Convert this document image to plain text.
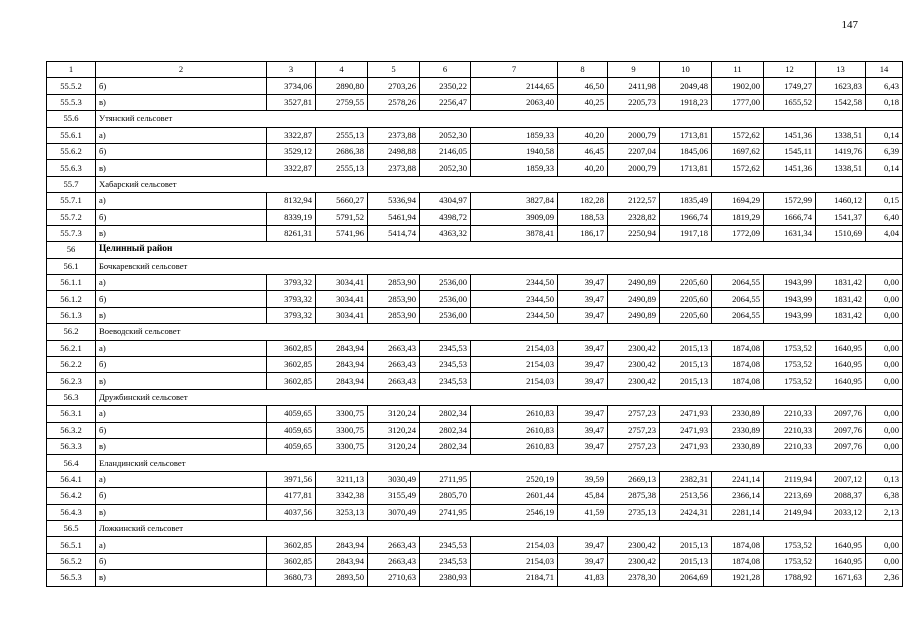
147
1	2	3	4	5	6	7	8	9	10	11	12	13	14
55.5.2	б)	3734,06	2890,80	2703,26	2350,22	2144,65	46,50	2411,98	2049,48	1902,00	1749,27	1623,83	6,43
55.5.3	в)	3527,81	2759,55	2578,26	2256,47	2063,40	40,25	2205,73	1918,23	1777,00	1655,52	1542,58	0,18
55.6	Утянский сельсовет												
55.6.1	а)	3322,87	2555,13	2373,88	2052,30	1859,33	40,20	2000,79	1713,81	1572,62	1451,36	1338,51	0,14
55.6.2	б)	3529,12	2686,38	2498,88	2146,05	1940,58	46,45	2207,04	1845,06	1697,62	1545,11	1419,76	6,39
55.6.3	в)	3322,87	2555,13	2373,88	2052,30	1859,33	40,20	2000,79	1713,81	1572,62	1451,36	1338,51	0,14
55.7	Хабарский сельсовет												
55.7.1	а)	8132,94	5660,27	5336,94	4304,97	3827,84	182,28	2122,57	1835,49	1694,29	1572,99	1460,12	0,15
55.7.2	б)	8339,19	5791,52	5461,94	4398,72	3909,09	188,53	2328,82	1966,74	1819,29	1666,74	1541,37	6,40
55.7.3	в)	8261,31	5741,96	5414,74	4363,32	3878,41	186,17	2250,94	1917,18	1772,09	1631,34	1510,69	4,04
56	Целинный район												
56.1	Бочкаревский сельсовет												
56.1.1	а)	3793,32	3034,41	2853,90	2536,00	2344,50	39,47	2490,89	2205,60	2064,55	1943,99	1831,42	0,00
56.1.2	б)	3793,32	3034,41	2853,90	2536,00	2344,50	39,47	2490,89	2205,60	2064,55	1943,99	1831,42	0,00
56.1.3	в)	3793,32	3034,41	2853,90	2536,00	2344,50	39,47	2490,89	2205,60	2064,55	1943,99	1831,42	0,00
56.2	Воеводский сельсовет												
56.2.1	а)	3602,85	2843,94	2663,43	2345,53	2154,03	39,47	2300,42	2015,13	1874,08	1753,52	1640,95	0,00
56.2.2	б)	3602,85	2843,94	2663,43	2345,53	2154,03	39,47	2300,42	2015,13	1874,08	1753,52	1640,95	0,00
56.2.3	в)	3602,85	2843,94	2663,43	2345,53	2154,03	39,47	2300,42	2015,13	1874,08	1753,52	1640,95	0,00
56.3	Дружбинский сельсовет												
56.3.1	а)	4059,65	3300,75	3120,24	2802,34	2610,83	39,47	2757,23	2471,93	2330,89	2210,33	2097,76	0,00
56.3.2	б)	4059,65	3300,75	3120,24	2802,34	2610,83	39,47	2757,23	2471,93	2330,89	2210,33	2097,76	0,00
56.3.3	в)	4059,65	3300,75	3120,24	2802,34	2610,83	39,47	2757,23	2471,93	2330,89	2210,33	2097,76	0,00
56.4	Еландинский сельсовет												
56.4.1	а)	3971,56	3211,13	3030,49	2711,95	2520,19	39,59	2669,13	2382,31	2241,14	2119,94	2007,12	0,13
56.4.2	б)	4177,81	3342,38	3155,49	2805,70	2601,44	45,84	2875,38	2513,56	2366,14	2213,69	2088,37	6,38
56.4.3	в)	4037,56	3253,13	3070,49	2741,95	2546,19	41,59	2735,13	2424,31	2281,14	2149,94	2033,12	2,13
56.5	Ложкинский сельсовет												
56.5.1	а)	3602,85	2843,94	2663,43	2345,53	2154,03	39,47	2300,42	2015,13	1874,08	1753,52	1640,95	0,00
56.5.2	б)	3602,85	2843,94	2663,43	2345,53	2154,03	39,47	2300,42	2015,13	1874,08	1753,52	1640,95	0,00
56.5.3	в)	3680,73	2893,50	2710,63	2380,93	2184,71	41,83	2378,30	2064,69	1921,28	1788,92	1671,63	2,36
